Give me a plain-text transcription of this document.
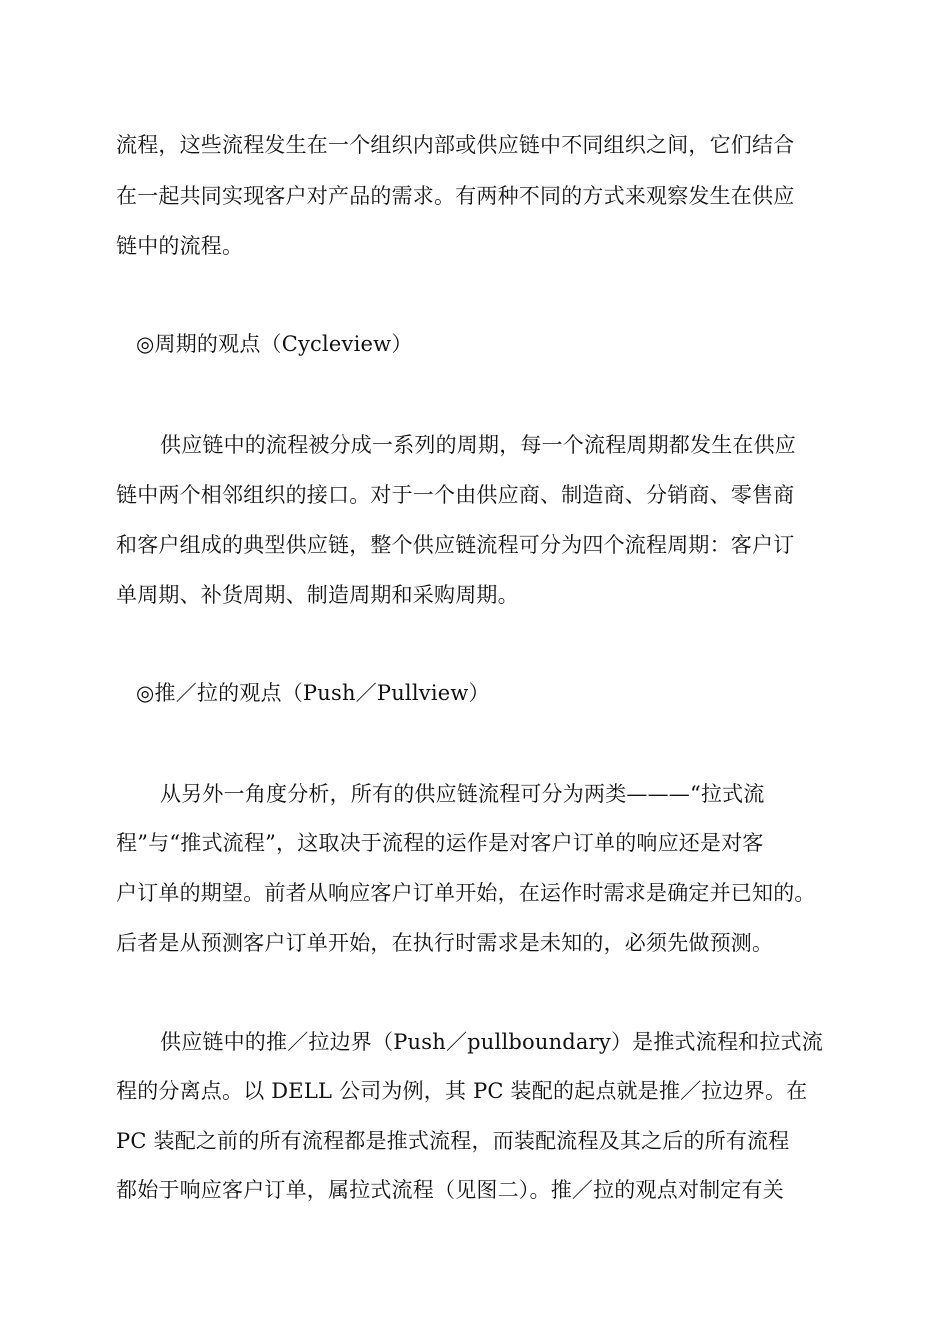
流程，这些流程发生在一个组织内部或供应链中不同组织之间，它们结合
在一起共同实现客户对产品的需求。有两种不同的方式来观察发生在供应
链中的流程。
◎周期的观点（Cycleview）
供应链中的流程被分成一系列的周期，每一个流程周期都发生在供应
链中两个相邻组织的接口。对于一个由供应商、制造商、分销商、零售商
和客户组成的典型供应链，整个供应链流程可分为四个流程周期：客户订
单周期、补货周期、制造周期和采购周期。
◎推／拉的观点（Push／Pullview）
从另外一角度分析，所有的供应链流程可分为两类———“拉式流
程”与“推式流程”，这取决于流程的运作是对客户订单的响应还是对客
户订单的期望。前者从响应客户订单开始，在运作时需求是确定并已知的。
后者是从预测客户订单开始，在执行时需求是未知的，必须先做预测。
供应链中的推／拉边界（Push／pullboundary）是推式流程和拉式流
程的分离点。以 DELL 公司为例，其 PC 装配的起点就是推／拉边界。在
PC 装配之前的所有流程都是推式流程，而装配流程及其之后的所有流程
都始于响应客户订单，属拉式流程（见图二）。推／拉的观点对制定有关
